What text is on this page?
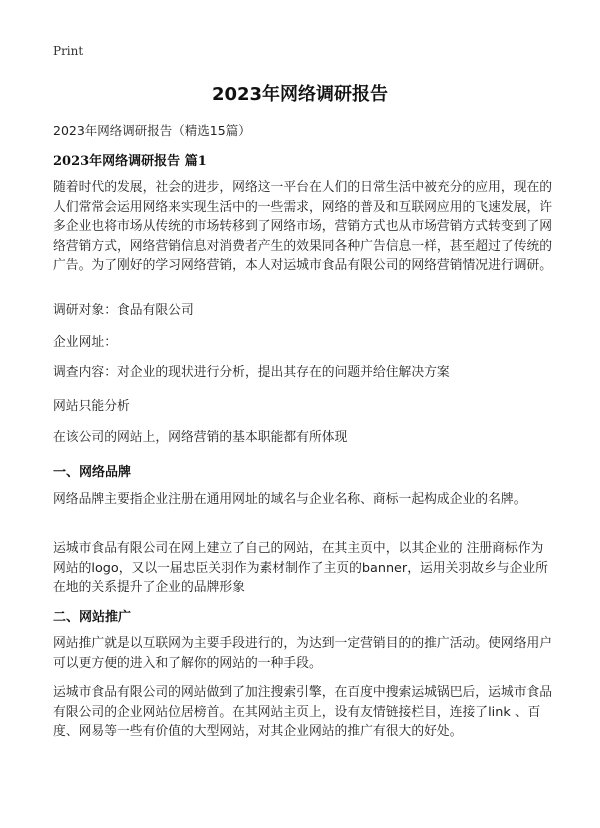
Print
2023年网络调研报告
2023年网络调研报告（精选15篇）
2023年网络调研报告 篇1

随着时代的发展，社会的进步，网络这一平台在人们的日常生活中被充分的应用，现在的人们常常会运用网络来实现生活中的一些需求，网络的普及和互联网应用的飞速发展，许多企业也将市场从传统的市场转移到了网络市场，营销方式也从市场营销方式转变到了网络营销方式，网络营销信息对消费者产生的效果同各种广告信息一样，甚至超过了传统的广告。为了刚好的学习网络营销，本人对运城市食品有限公司的网络营销情况进行调研。

调研对象：食品有限公司

企业网址：

调查内容：对企业的现状进行分析，提出其存在的问题并给住解决方案

网站只能分析

在该公司的网站上，网络营销的基本职能都有所体现

一、网络品牌

网络品牌主要指企业注册在通用网址的域名与企业名称、商标一起构成企业的名牌。

运城市食品有限公司在网上建立了自己的网站，在其主页中，以其企业的 注册商标作为网站的logo，又以一届忠臣关羽作为素材制作了主页的banner，运用关羽故乡与企业所在地的关系提升了企业的品牌形象

二、网站推广

网站推广就是以互联网为主要手段进行的，为达到一定营销目的的推广活动。使网络用户可以更方便的进入和了解你的网站的一种手段。

运城市食品有限公司的网站做到了加注搜索引擎，在百度中搜索运城锅巴后，运城市食品有限公司的企业网站位居榜首。在其网站主页上，设有友情链接栏目，连接了link 、百度、网易等一些有价值的大型网站，对其企业网站的推广有很大的好处。
